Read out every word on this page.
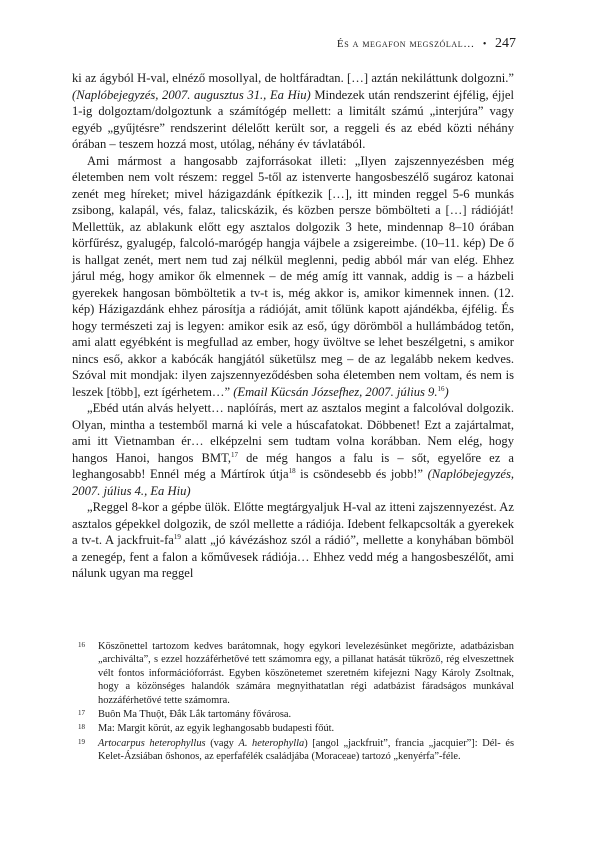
És a megafon megszólal… • 247

ki az ágyból H-val, elnéző mosollyal, de holtfáradtan. […] aztán nekiláttunk dolgozni.” (Naplóbejegyzés, 2007. augusztus 31., Ea Hiu) Mindezek után rendszerint éjfélig, éjjel 1-ig dolgoztam/dolgoztunk a számítógép mellett: a limitált számú „interjúra” vagy egyéb „gyűjtésre” rendszerint délelőtt került sor, a reggeli és az ebéd közti néhány órában – teszem hozzá most, utólag, néhány év távlatából.

Ami mármost a hangosabb zajforrásokat illeti: „Ilyen zajszennyezésben még életemben nem volt részem: reggel 5-től az istenverte hangosbeszélő sugároz katonai zenét meg híreket; mivel házigazdánk építkezik […], itt minden reggel 5-6 munkás zsibong, kalapál, vés, falaz, talicskázik, és közben persze bömbölteti a […] rádióját! Mellettük, az ablakunk előtt egy asztalos dolgozik 3 hete, mindennap 8–10 órában körfűrész, gyalugép, falcoló-marógép hangja vájbele a zsigereimbe. (10–11. kép) De ő is hallgat zenét, mert nem tud zaj nélkül meglenni, pedig abból már van elég. Ehhez járul még, hogy amikor ők elmennek – de még amíg itt vannak, addig is – a házbeli gyerekek hangosan bömböltetik a tv-t is, még akkor is, amikor kimennek innen. (12. kép) Házigazdánk ehhez párosítja a rádióját, amit tőlünk kapott ajándékba, éjfélig. És hogy természeti zaj is legyen: amikor esik az eső, úgy dörömböl a hullámbádog tetőn, ami alatt egyébként is megfullad az ember, hogy üvöltve se lehet beszélgetni, s amikor nincs eső, akkor a kabócák hangjától süketülsz meg – de az legalább nekem kedves. Szóval mit mondjak: ilyen zajszennyeződésben soha életemben nem voltam, és nem is leszek [több], ezt ígérhetem…” (Email Kücsán Józsefhez, 2007. július 9.16)

„Ebéd után alvás helyett… naplóírás, mert az asztalos megint a falcolóval dolgozik. Olyan, mintha a testemből marná ki vele a húscafatokat. Döbbenet! Ezt a zajártalmat, ami itt Vietnamban ér… elképzelni sem tudtam volna korábban. Nem elég, hogy hangos Hanoi, hangos BMT,$^{17}$ de még hangos a falu is – sőt, egyelőre ez a leghangosabb! Ennél még a Mártírok útja$^{18}$ is csöndesebb és jobb!” (Naplóbejegyzés, 2007. július 4., Ea Hiu)

„Reggel 8-kor a gépbe ülök. Előtte megtárgyaljuk H-val az itteni zajszennyezést. Az asztalos gépekkel dolgozik, de szól mellette a rádiója. Idebent felkapcsolták a gyerekek a tv-t. A jackfruit-$fa^{19}$ alatt „jó kávézáshoz szól a rádió”, mellette a konyhában bömböl a zenegép, fent a falon a kőművesek rádiója… Ehhez vedd még a hangosbeszélőt, ami nálunk ugyan ma reggel

16	Köszönettel tartozom kedves barátomnak, hogy egykori levelezésünket megőrizte, adatbázisban „archiválta”, s ezzel hozzáférhetővé tett számomra egy, a pillanat hatását tükröző, rég elveszettnek vélt fontos információforrást. Egyben köszönetemet szeretném kifejezni Nagy Károly Zsoltnak, hogy a közönséges halandók számára megnyithatatlan régi adatbázist fáradságos munkával hozzáférhetővé tette számomra.
17	Buôn Ma Thuột, Đắk Lắk tartomány fővárosa.
18	Ma: Margit körút, az egyik leghangosabb budapesti főút.
19	Artocarpus heterophyllus (vagy A. heterophylla) [angol „jackfruit”, francia „jacquier”]: Dél- és Kelet-Ázsiában őshonos, az eperfafélék családjába (Moraceae) tartozó „kenyérfa”-féle.
